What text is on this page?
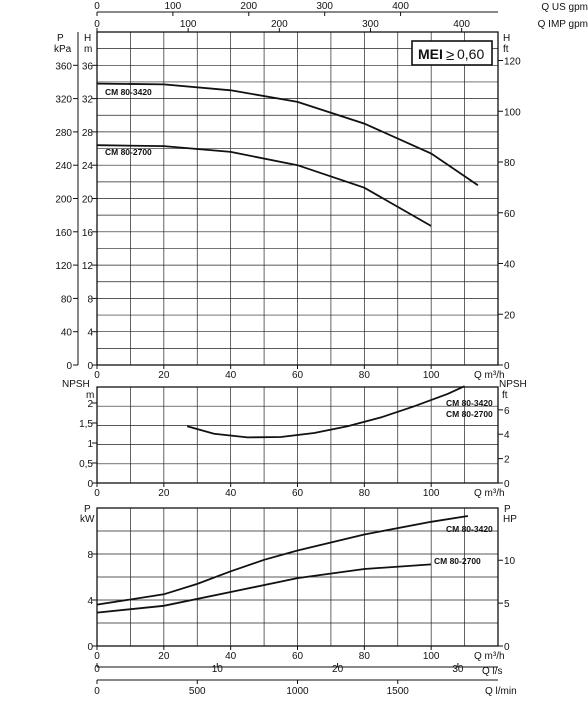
0	20	40	60	80	100
0
4
8
12
16
20
24
28
32
36
0
40
80
120
160
200
240
280
320
360
0
20
40
60
80
100
120
0	100	200	300	400
0	100	200	300	400
0	20	40	60	80	100
0
0,5
1
1,5
2
0
2
4
6
0	20	40	60	80	100
0
4
8
0
5
10
0	10	20	30
0	500	1000	1500
MEI ≥ 0,60
P
kPa
H
m
H
ft
Q US gpm
Q IMP gpm
Q m³/h
NPSH
m
NPSH
ft
Q m³/h
P
kW
P
HP
Q m³/h
Q l/s
Q l/min
CM 80-3420
CM 80-2700
CM 80-3420
CM 80-2700
CM 80-3420
CM 80-2700
